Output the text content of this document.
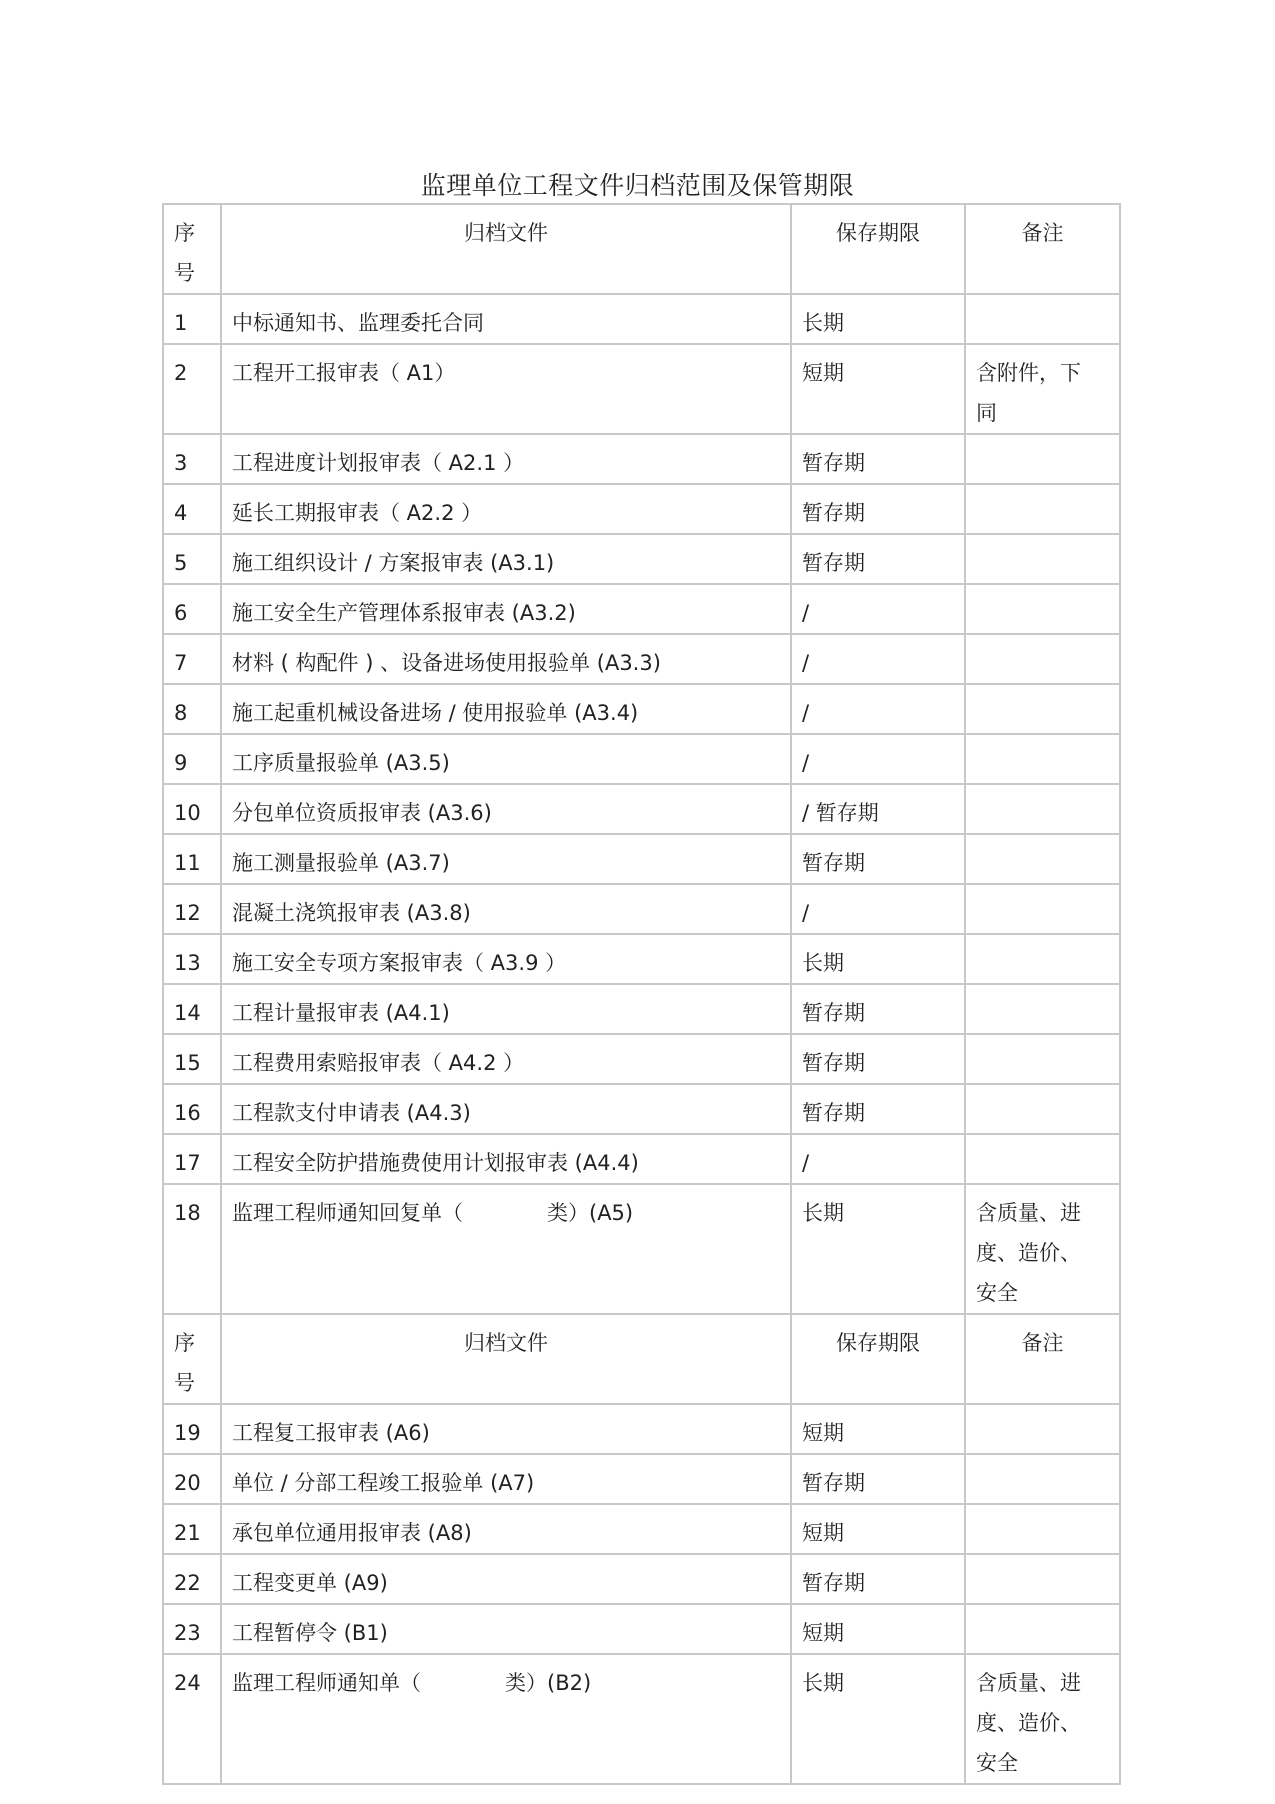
监理单位工程文件归档范围及保管期限
序
号	归档文件	保存期限	备注
1	中标通知书、监理委托合同	长期	
2	工程开工报审表（ A1）	短期	含附件，下
同

3	工程进度计划报审表（ A2.1 ）	暂存期	
4	延长工期报审表（ A2.2 ）	暂存期	
5	施工组织设计 / 方案报审表 (A3.1)	暂存期	
6	施工安全生产管理体系报审表 (A3.2)	/	
7	材料 ( 构配件 ) 、设备进场使用报验单 (A3.3)	/	
8	施工起重机械设备进场 / 使用报验单 (A3.4)	/	
9	工序质量报验单 (A3.5)	/	
10	分包单位资质报审表 (A3.6)	/ 暂存期	
11	施工测量报验单 (A3.7)	暂存期	
12	混凝土浇筑报审表 (A3.8)	/	
13	施工安全专项方案报审表（ A3.9 ）	长期	
14	工程计量报审表 (A4.1)	暂存期	
15	工程费用索赔报审表（ A4.2 ）	暂存期	
16	工程款支付申请表 (A4.3)	暂存期	
17	工程安全防护措施费使用计划报审表 (A4.4)	/	
18	监理工程师通知回复单（　　　　类）(A5)	长期	含质量、进
度、造价、
安全

序
号	归档文件	保存期限	备注
19	工程复工报审表 (A6)	短期	
20	单位 / 分部工程竣工报验单 (A7)	暂存期	
21	承包单位通用报审表 (A8)	短期	
22	工程变更单 (A9)	暂存期	
23	工程暂停令 (B1)	短期	
24	监理工程师通知单（　　　　类）(B2)	长期	含质量、进
度、造价、
安全
